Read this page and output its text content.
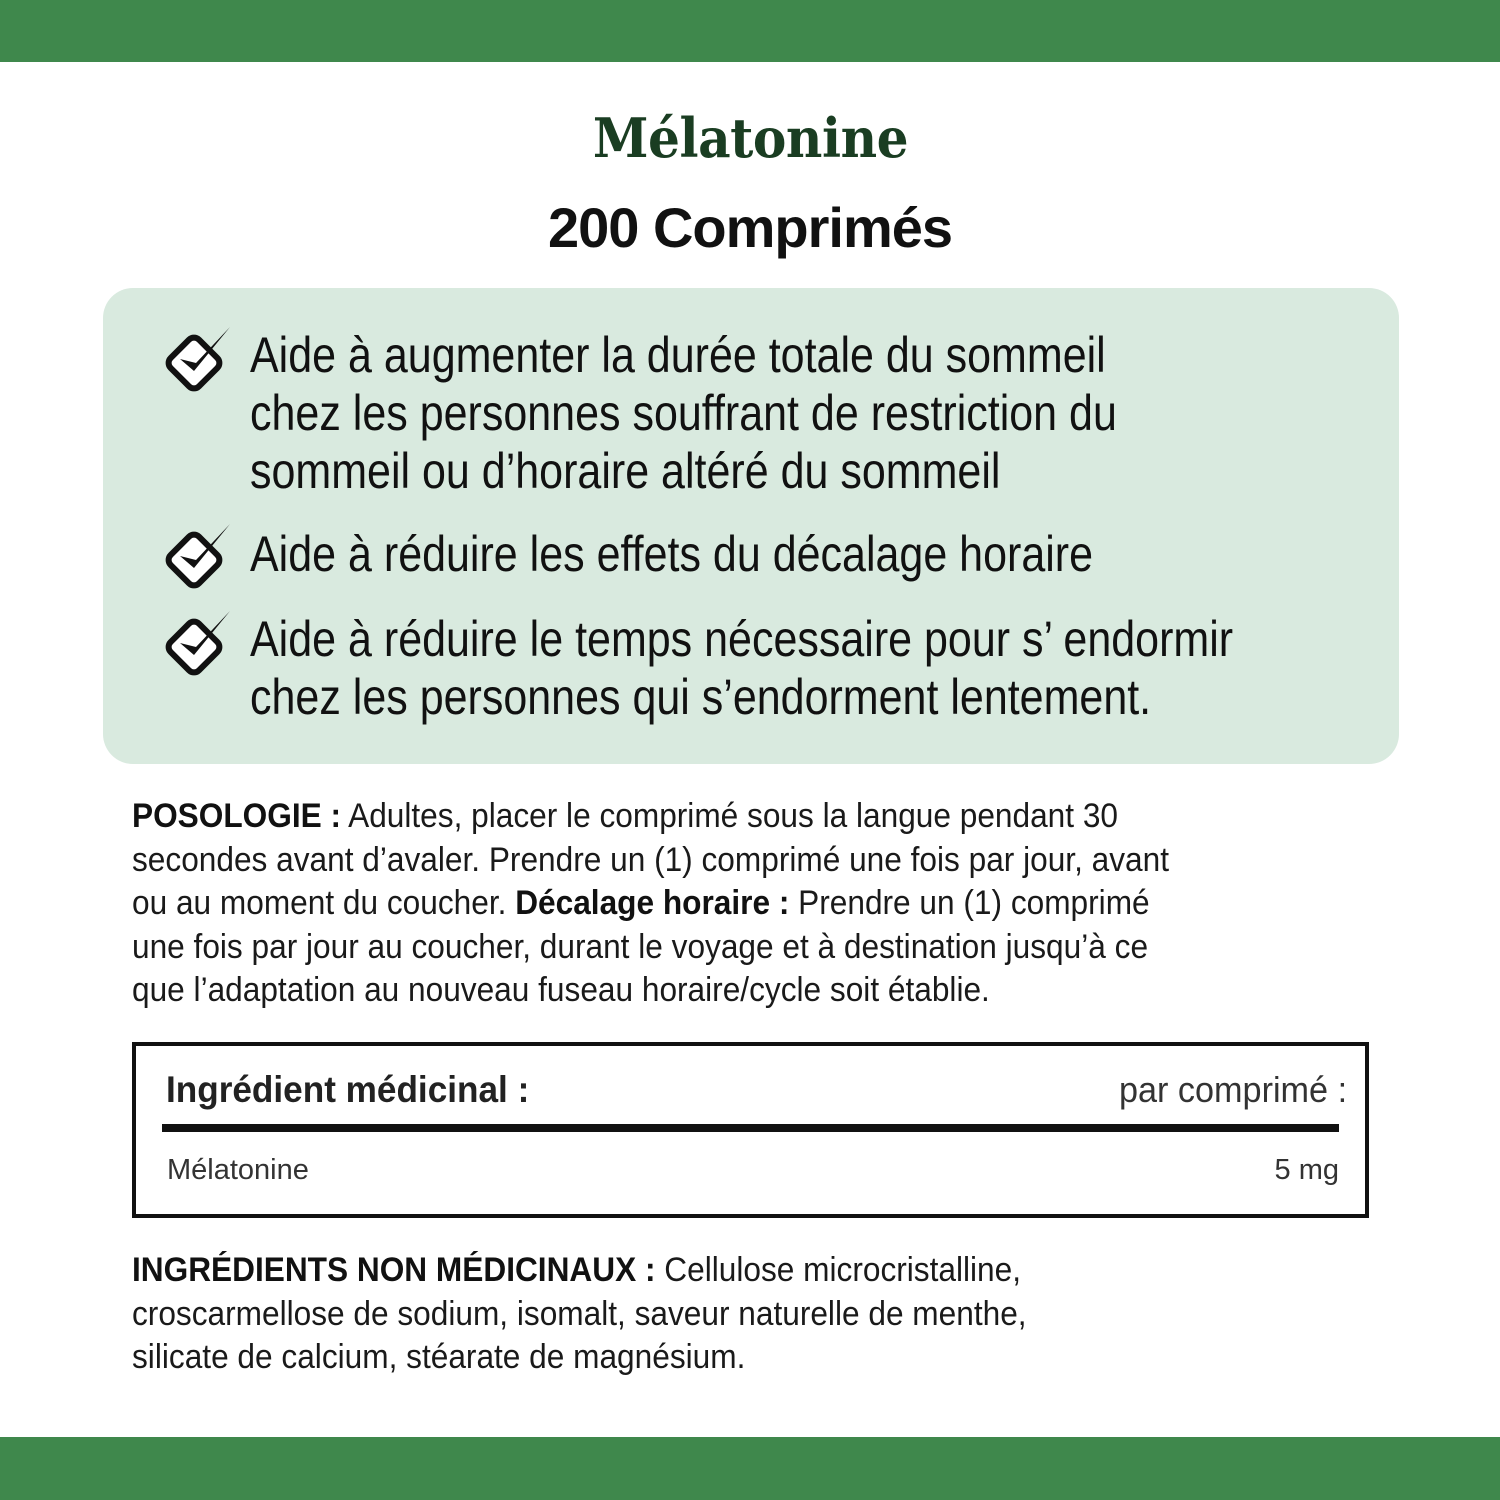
Mélatonine
200 Comprimés
Aide à augmenter la durée totale du sommeil
chez les personnes souffrant de restriction du
sommeil ou d’horaire altéré du sommeil
Aide à réduire les effets du décalage horaire
Aide à réduire le temps nécessaire pour s’ endormir
chez les personnes qui s’endorment lentement.
POSOLOGIE : Adultes, placer le comprimé sous la langue pendant 30
secondes avant d’avaler. Prendre un (1) comprimé une fois par jour, avant
ou au moment du coucher. Décalage horaire : Prendre un (1) comprimé
une fois par jour au coucher, durant le voyage et à destination jusqu’à ce
que l’adaptation au nouveau fuseau horaire/cycle soit établie.
Ingrédient médicinal :	par comprimé :
Mélatonine	5 mg
INGRÉDIENTS NON MÉDICINAUX : Cellulose microcristalline,
croscarmellose de sodium, isomalt, saveur naturelle de menthe,
silicate de calcium, stéarate de magnésium.
